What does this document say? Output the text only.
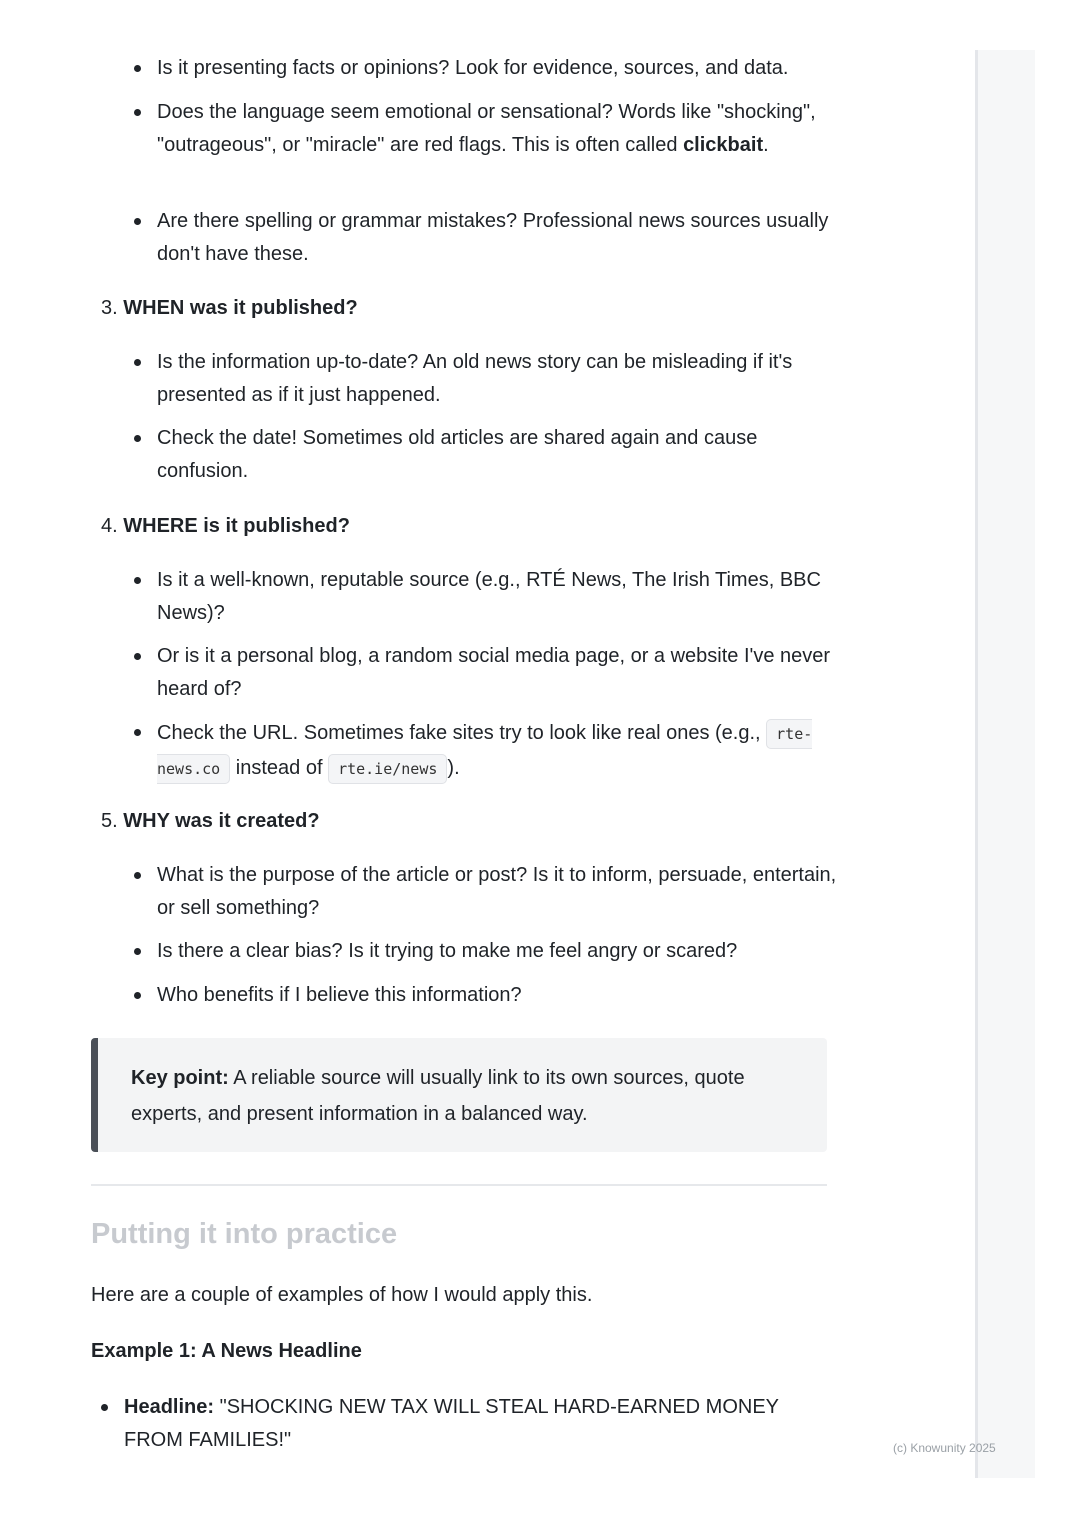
Is it presenting facts or opinions? Look for evidence, sources, and data.
Does the language seem emotional or sensational? Words like "shocking", "outrageous", or "miracle" are red flags. This is often called clickbait.
Are there spelling or grammar mistakes? Professional news sources usually don't have these.
3. WHEN was it published?
Is the information up-to-date? An old news story can be misleading if it's presented as if it just happened.
Check the date! Sometimes old articles are shared again and cause confusion.
4. WHERE is it published?
Is it a well-known, reputable source (e.g., RTÉ News, The Irish Times, BBC News)?
Or is it a personal blog, a random social media page, or a website I've never heard of?
Check the URL. Sometimes fake sites try to look like real ones (e.g., rte-news.co instead of rte.ie/news ).
5. WHY was it created?
What is the purpose of the article or post? Is it to inform, persuade, entertain, or sell something?
Is there a clear bias? Is it trying to make me feel angry or scared?
Who benefits if I believe this information?
Key point: A reliable source will usually link to its own sources, quote experts, and present information in a balanced way.
Putting it into practice
Here are a couple of examples of how I would apply this.
Example 1: A News Headline
Headline: "SHOCKING NEW TAX WILL STEAL HARD-EARNED MONEY FROM FAMILIES!"	(c) Knowunity 2025
